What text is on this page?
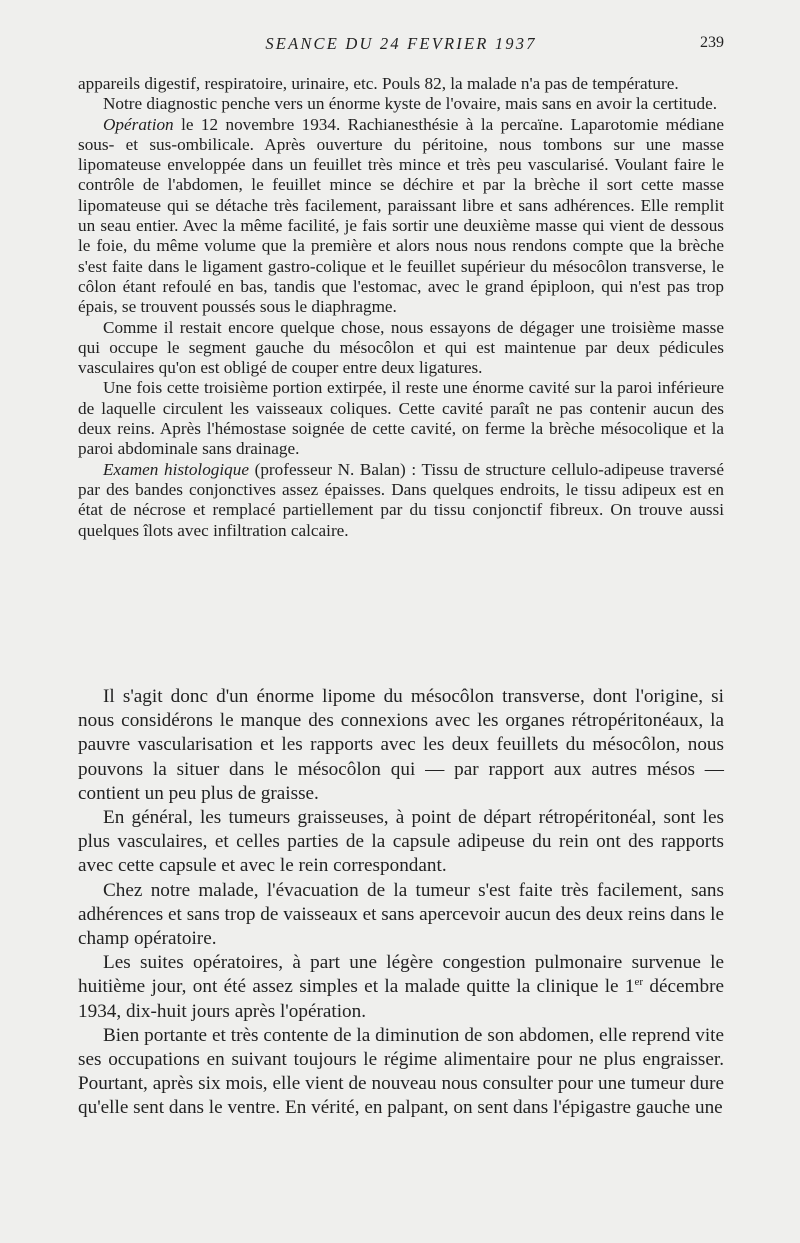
SEANCE DU 24 FEVRIER 1937	239

appareils digestif, respiratoire, urinaire, etc. Pouls 82, la malade n'a pas de température.

Notre diagnostic penche vers un énorme kyste de l'ovaire, mais sans en avoir la certitude.

Opération le 12 novembre 1934. Rachianesthésie à la percaïne. Laparotomie médiane sous- et sus-ombilicale. Après ouverture du péritoine, nous tombons sur une masse lipomateuse enveloppée dans un feuillet très mince et très peu vascularisé. Voulant faire le contrôle de l'abdomen, le feuillet mince se déchire et par la brèche il sort cette masse lipomateuse qui se détache très facilement, paraissant libre et sans adhérences. Elle remplit un seau entier. Avec la même facilité, je fais sortir une deuxième masse qui vient de dessous le foie, du même volume que la première et alors nous nous rendons compte que la brèche s'est faite dans le ligament gastro-colique et le feuillet supérieur du mésocôlon transverse, le côlon étant refoulé en bas, tandis que l'estomac, avec le grand épiploon, qui n'est pas trop épais, se trouvent poussés sous le diaphragme.

Comme il restait encore quelque chose, nous essayons de dégager une troisième masse qui occupe le segment gauche du mésocôlon et qui est maintenue par deux pédicules vasculaires qu'on est obligé de couper entre deux ligatures.

Une fois cette troisième portion extirpée, il reste une énorme cavité sur la paroi inférieure de laquelle circulent les vaisseaux coliques. Cette cavité paraît ne pas contenir aucun des deux reins. Après l'hémostase soignée de cette cavité, on ferme la brèche mésocolique et la paroi abdominale sans drainage.

Examen histologique (professeur N. Balan) : Tissu de structure cellulo-adipeuse traversé par des bandes conjonctives assez épaisses. Dans quelques endroits, le tissu adipeux est en état de nécrose et remplacé partiellement par du tissu conjonctif fibreux. On trouve aussi quelques îlots avec infiltration calcaire.

Il s'agit donc d'un énorme lipome du mésocôlon transverse, dont l'origine, si nous considérons le manque des connexions avec les organes rétropéritonéaux, la pauvre vascularisation et les rapports avec les deux feuillets du mésocôlon, nous pouvons la situer dans le mésocôlon qui — par rapport aux autres mésos — contient un peu plus de graisse.

En général, les tumeurs graisseuses, à point de départ rétropéritonéal, sont les plus vasculaires, et celles parties de la capsule adipeuse du rein ont des rapports avec cette capsule et avec le rein correspondant.

Chez notre malade, l'évacuation de la tumeur s'est faite très facilement, sans adhérences et sans trop de vaisseaux et sans apercevoir aucun des deux reins dans le champ opératoire.

Les suites opératoires, à part une légère congestion pulmonaire survenue le huitième jour, ont été assez simples et la malade quitte la clinique le 1er décembre 1934, dix-huit jours après l'opération.

Bien portante et très contente de la diminution de son abdomen, elle reprend vite ses occupations en suivant toujours le régime alimentaire pour ne plus engraisser. Pourtant, après six mois, elle vient de nouveau nous consulter pour une tumeur dure qu'elle sent dans le ventre. En vérité, en palpant, on sent dans l'épigastre gauche une
